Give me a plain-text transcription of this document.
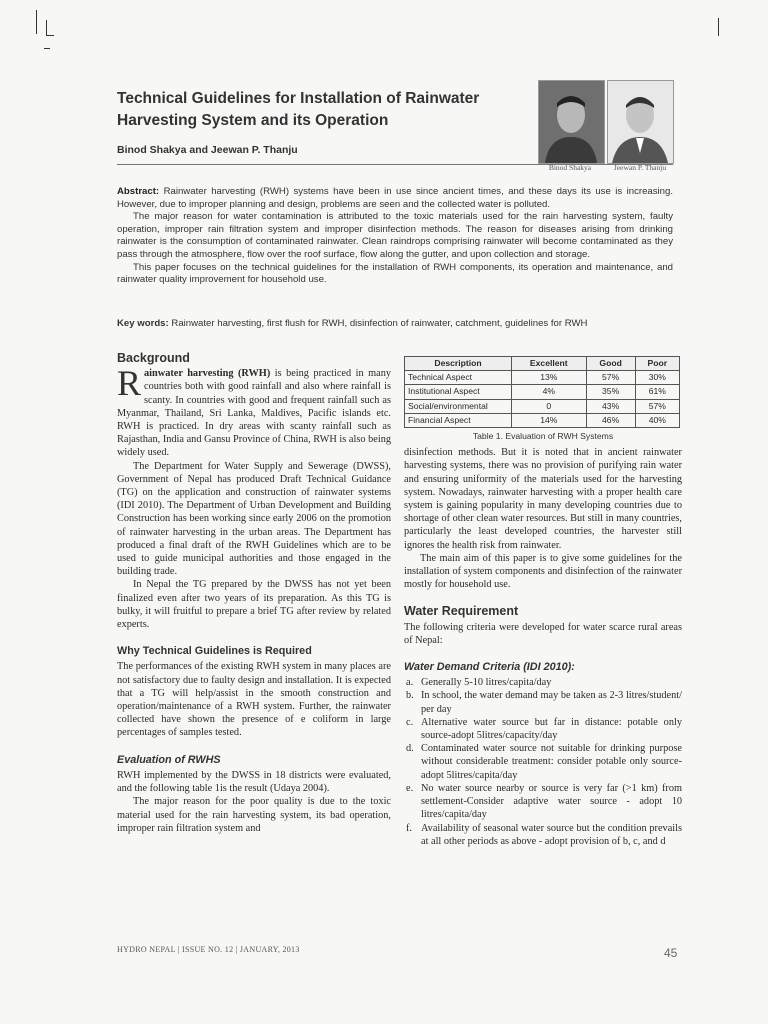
Technical Guidelines for Installation of Rainwater Harvesting System and its Operation
Binod Shakya and Jeewan P. Thanju
Binod Shakya	Jeewan P. Thanju

Abstract: Rainwater harvesting (RWH) systems have been in use since ancient times, and these days its use is increasing. However, due to improper planning and design, problems are seen and the collected water is polluted.

The major reason for water contamination is attributed to the toxic materials used for the rain harvesting system, faulty operation, improper rain filtration system and improper disinfection methods. The reason for diseases arising from drinking rainwater is the consumption of contaminated rainwater. Clean raindrops comprising rainwater will become contaminated as they pass through the atmosphere, flow over the roof surface, flow along the gutter, and upon collection and storage.

This paper focuses on the technical guidelines for the installation of RWH components, its operation and maintenance, and rainwater quality improvement for household use.

Key words: Rainwater harvesting, first flush for RWH, disinfection of rainwater, catchment, guidelines for RWH
Background

Rainwater harvesting (RWH) is being practiced in many countries both with good rainfall and also where rainfall is scanty. In countries with good and frequent rainfall such as Myanmar, Thailand, Sri Lanka, Maldives, Pacific islands etc. RWH is practiced. In dry areas with scanty rainfall such as Rajasthan, India and Gansu Province of China, RWH is also being widely used.

The Department for Water Supply and Sewerage (DWSS), Government of Nepal has produced Draft Technical Guidance (TG) on the application and construction of rainwater systems (IDI 2010). The Department of Urban Development and Building Construction has been working since early 2006 on the promotion of rainwater harvesting in the urban areas. The Department has produced a final draft of the RWH Guidelines which are to be used to guide municipal authorities and those engaged in the building trade.

In Nepal the TG prepared by the DWSS has not yet been finalized even after two years of its preparation. As this TG is bulky, it will fruitful to prepare a brief TG after review by related experts.

Why Technical Guidelines is Required

The performances of the existing RWH system in many places are not satisfactory due to faulty design and installation. It is expected that a TG will help/assist in the smooth construction and operation/maintenance of a RWH system. Further, the rainwater collected have shown the presence of e coliform in large percentages of samples tested.

Evaluation of RWHS

RWH implemented by the DWSS in 18 districts were evaluated, and the following table 1is the result (Udaya 2004).

The major reason for the poor quality is due to the toxic material used for the rain harvesting system, its bad operation, improper rain filtration system and

Description	Excellent	Good	Poor
Technical Aspect	13%	57%	30%
Institutional Aspect	4%	35%	61%
Social/environmental	0	43%	57%
Financial Aspect	14%	46%	40%
Table 1. Evaluation of RWH Systems

disinfection methods. But it is noted that in ancient rainwater harvesting systems, there was no provision of purifying rain water and ensuring uniformity of the materials used for the harvesting system. Nowadays, rainwater harvesting with a proper health care system is gaining popularity in many developing countries due to shortage of other clean water resources. But still in many countries, particularly the least developed countries, the harvester still ignores the health risk from rainwater.

The main aim of this paper is to give some guidelines for the installation of system components and disinfection of the rainwater mostly for household use.

Water Requirement

The following criteria were developed for water scarce rural areas of Nepal:

Water Demand Criteria (IDI 2010):
a. Generally 5-10 litres/capita/day
b. In school, the water demand may be taken as 2-3 litres/student/ per day
c. Alternative water source but far in distance: potable only source-adopt 5litres/capacity/day
d. Contaminated water source not suitable for drinking purpose without considerable treatment: consider potable only source-adopt 5litres/capita/day
e. No water source nearby or source is very far (>1 km) from settlement-Consider adaptive water source - adopt 10 litres/capita/day
f. Availability of seasonal water source but the condition prevails at all other periods as above - adopt provision of b, c, and d
HYDRO NEPAL | ISSUE NO. 12 | JANUARY, 2013	45
